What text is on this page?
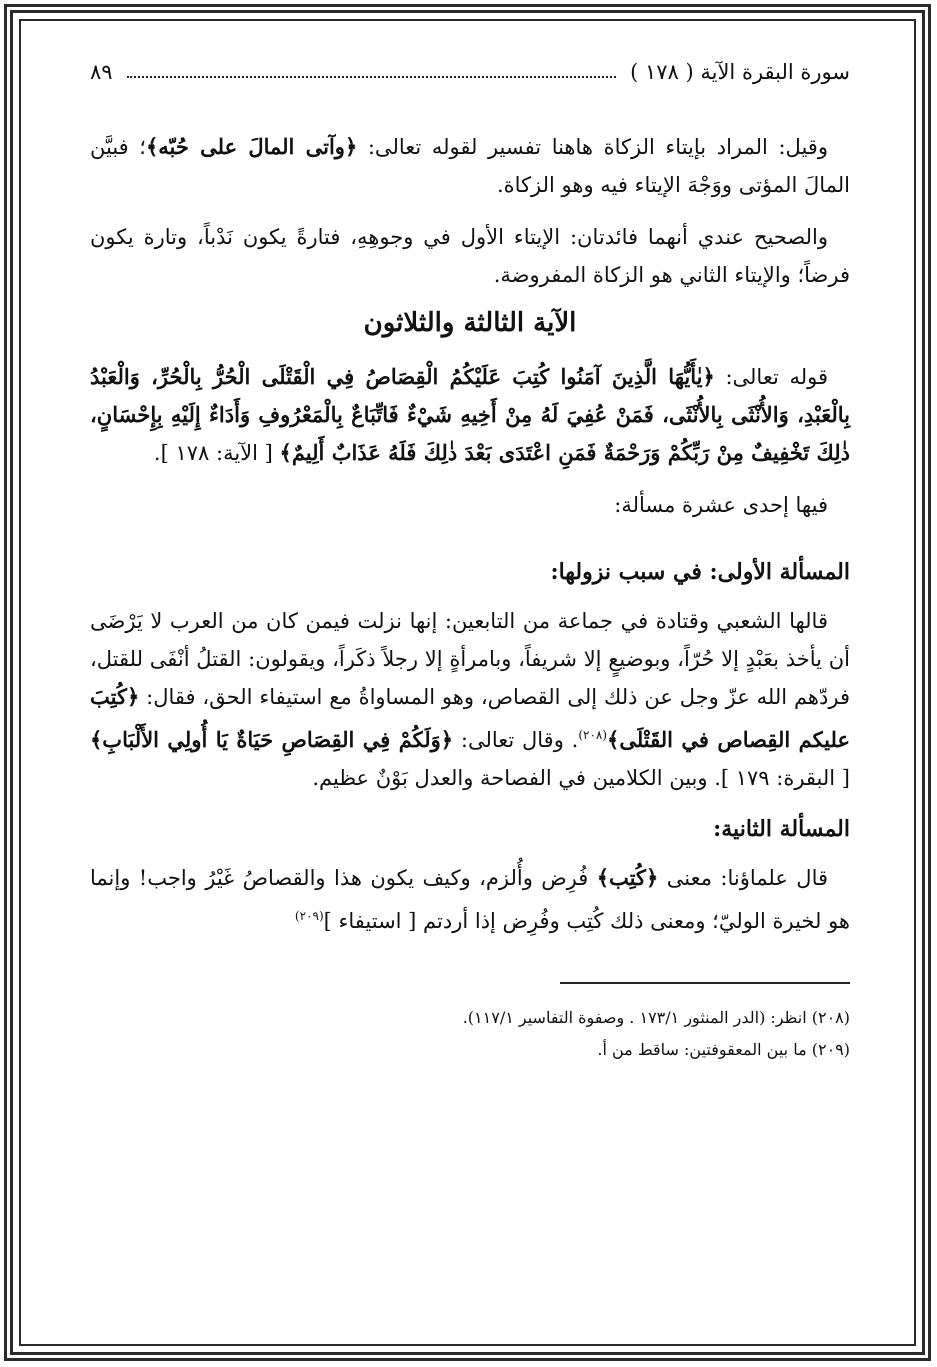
سورة البقرة الآية ( ١٧٨ )
٨٩

وقيل: المراد بإيتاء الزكاة هاهنا تفسير لقوله تعالى: ﴿وآتى المالَ على حُبّه﴾؛ فبيَّن المالَ المؤتى ووَجْهَ الإيتاء فيه وهو الزكاة.

والصحيح عندي أنهما فائدتان: الإيتاء الأول في وجوهِهِ، فتارةً يكون نَدْباً، وتارة يكون فرضاً؛ والإيتاء الثاني هو الزكاة المفروضة.

الآية الثالثة والثلاثون

قوله تعالى: ﴿يٰأَيُّهَا الَّذِينَ آمَنُوا كُتِبَ عَلَيْكُمُ الْقِصَاصُ فِي الْقَتْلَى الْحُرُّ بِالْحُرِّ، وَالْعَبْدُ بِالْعَبْدِ، وَالأُنْثَى بِالأُنْثَى، فَمَنْ عُفِيَ لَهُ مِنْ أَخِيهِ شَيْءٌ فَاتِّبَاعٌ بِالْمَعْرُوفِ وَأَدَاءٌ إِلَيْهِ بِإِحْسَانٍ، ذٰلِكَ تَخْفِيفٌ مِنْ رَبِّكُمْ وَرَحْمَةٌ فَمَنِ اعْتَدَى بَعْدَ ذٰلِكَ فَلَهُ عَذَابٌ أَلِيمٌ﴾ [ الآية: ١٧٨ ].

فيها إحدى عشرة مسألة:

المسألة الأولى: في سبب نزولها:

قالها الشعبي وقتادة في جماعة من التابعين: إنها نزلت فيمن كان من العرب لا يَرْضَى أن يأخذ بعَبْدٍ إلا حُرّاً، وبوضيعٍ إلا شريفاً، وبامرأةٍ إلا رجلاً ذكَراً، ويقولون: القتلُ أنْفَى للقتل، فردّهم الله عزّ وجل عن ذلك إلى القصاص، وهو المساواةُ مع استيفاء الحق، فقال: ﴿كُتِبَ عليكم القِصاص في القَتْلَى﴾$^{(٢٠٨)}$. وقال تعالى: ﴿وَلَكُمْ فِي القِصَاصِ حَيَاةٌ يَا أُولِي الأَلْبَابِ﴾ [ البقرة: ١٧٩ ]. وبين الكلامين في الفصاحة والعدل بَوْنٌ عظيم.

المسألة الثانية:

قال علماؤنا: معنى ﴿كُتِب﴾ فُرِض وأُلزم، وكيف يكون هذا والقصاصُ غَيْرُ واجب! وإنما هو لخيرة الوليّ؛ ومعنى ذلك كُتِب وفُرِض إذا أردتم [ استيفاء ]$^{(٢٠٩)}$

(٢٠٨) انظر: (الدر المنثور ١٧٣/١ . وصفوة التفاسير ١١٧/١).

(٢٠٩) ما بين المعقوفتين: ساقط من أ.
